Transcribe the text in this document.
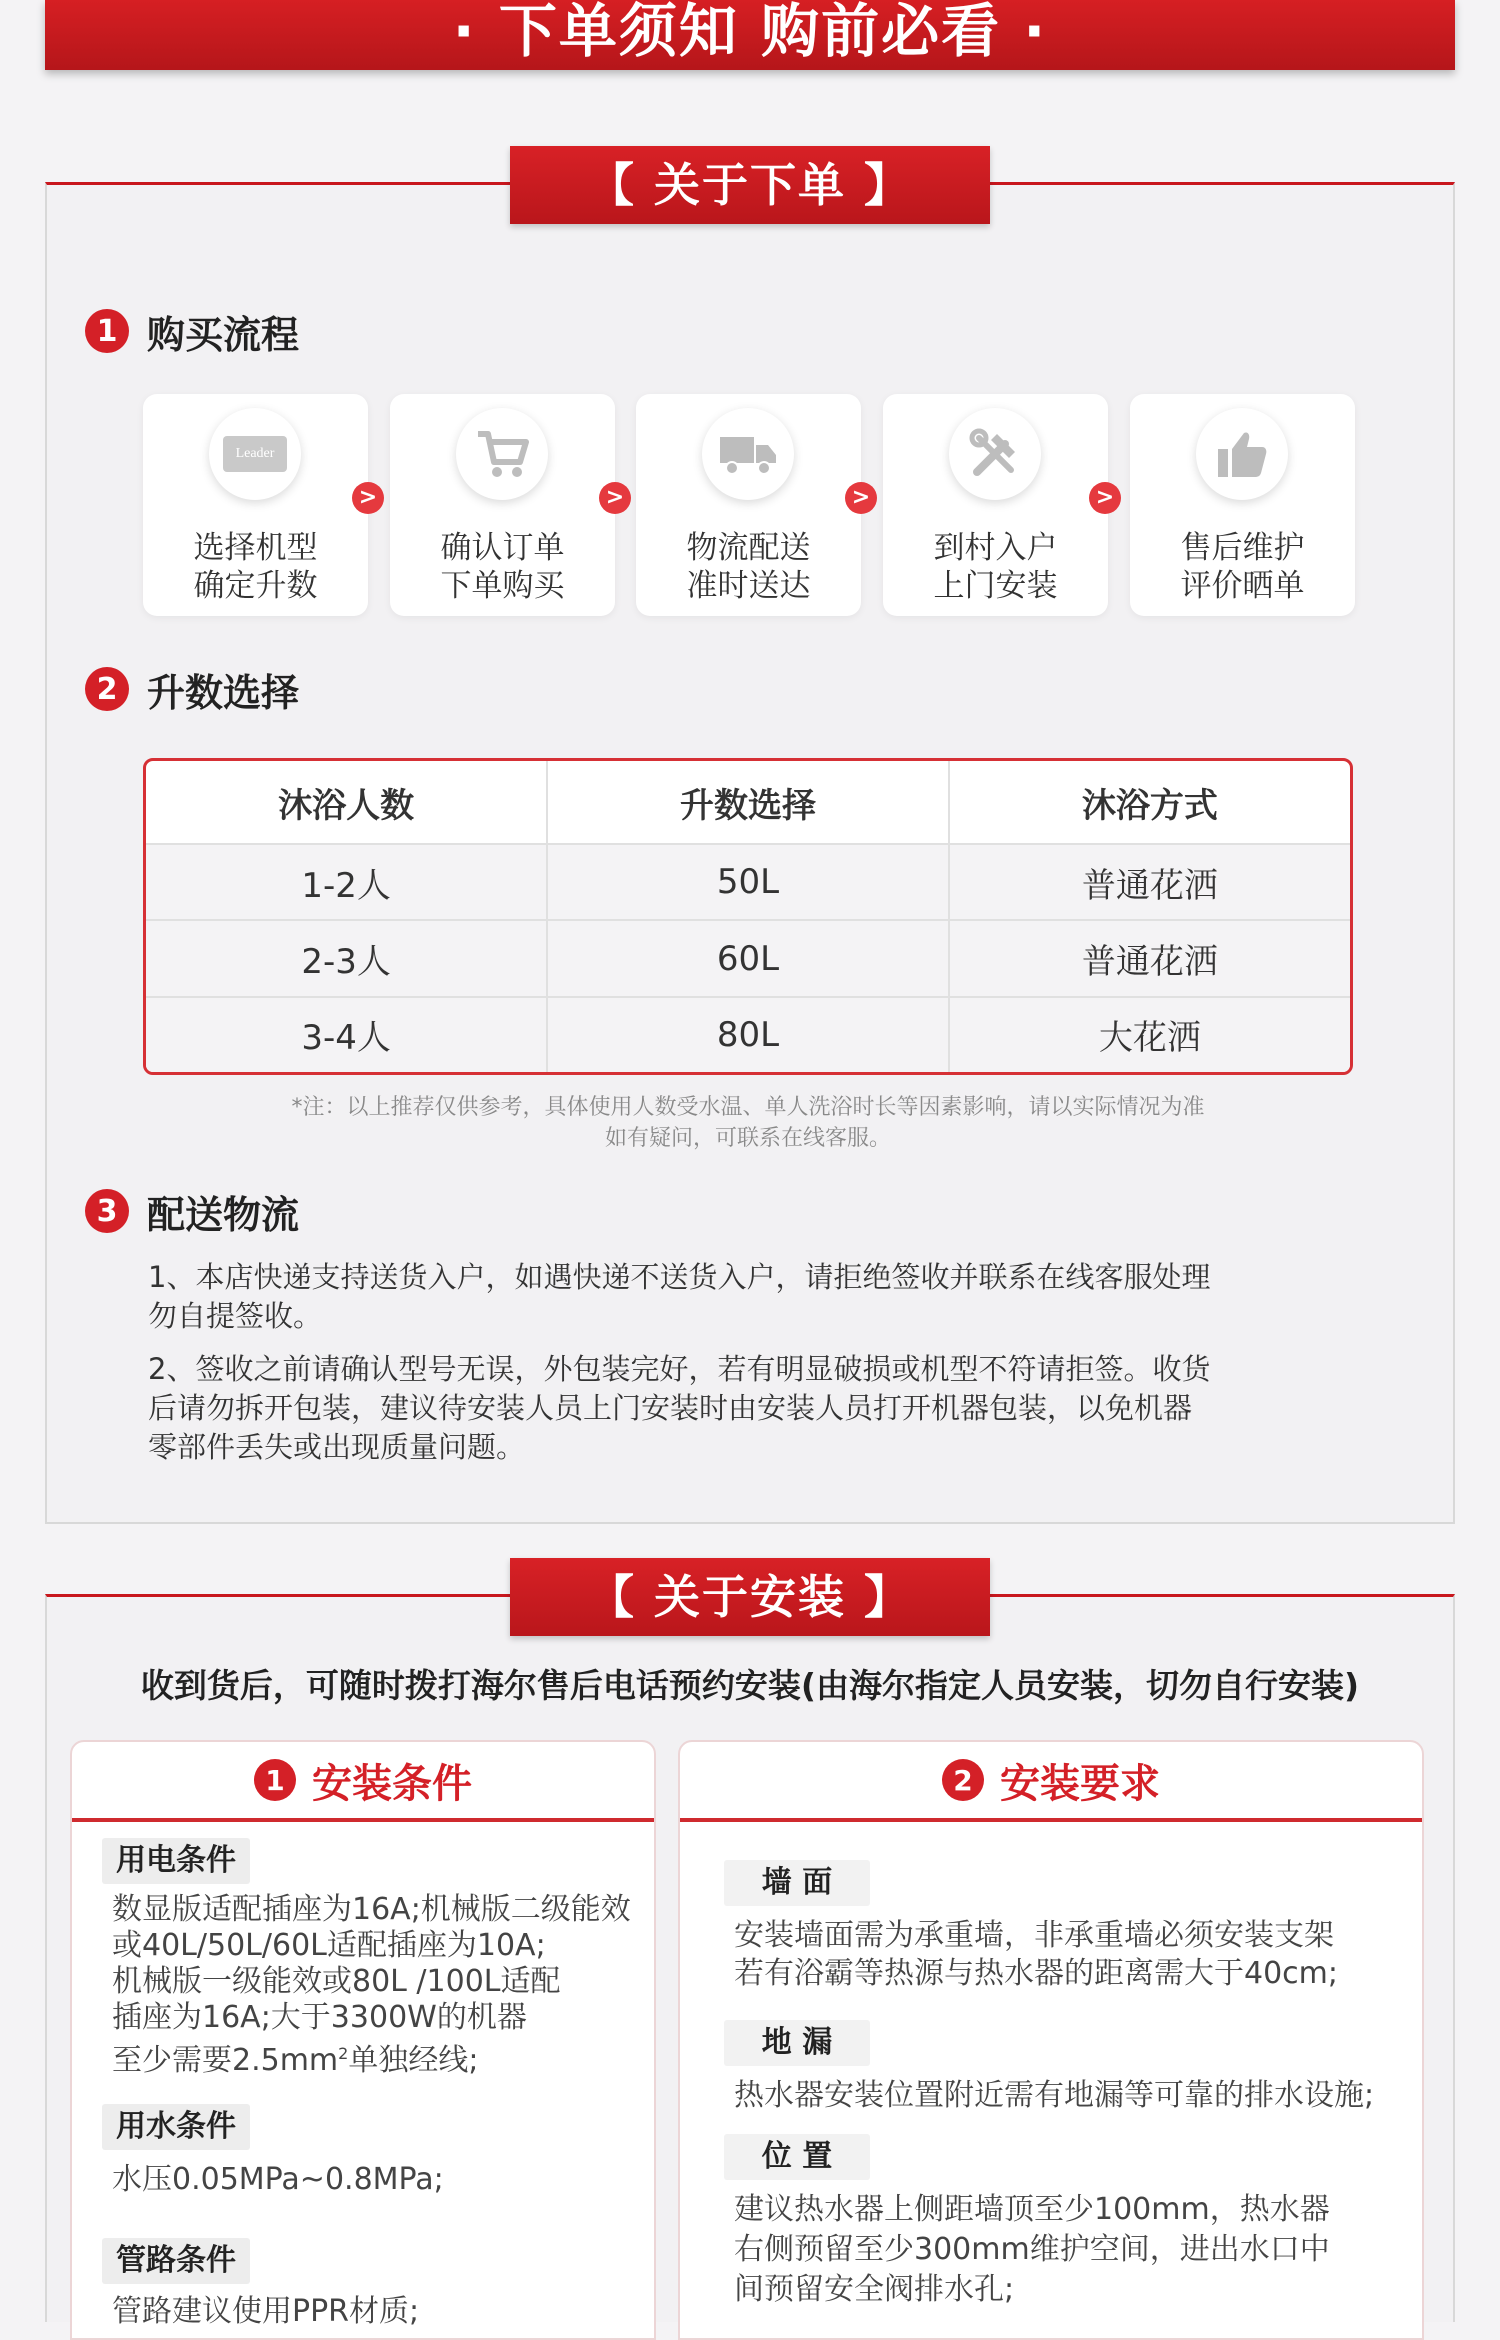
· 下单须知 购前必看 ·
【 关于下单 】
1 购买流程
Leader
选择机型
确定升数
确认订单
下单购买
物流配送
准时送达
到村入户
上门安装
售后维护
评价晒单
>	>	>	>
2 升数选择
沐浴人数	升数选择	沐浴方式
1-2人	50L	普通花洒
2-3人	60L	普通花洒
3-4人	80L	大花洒
*注：以上推荐仅供参考，具体使用人数受水温、单人洗浴时长等因素影响，请以实际情况为准
如有疑问，可联系在线客服。
3 配送物流
1、本店快递支持送货入户，如遇快递不送货入户，请拒绝签收并联系在线客服处理
勿自提签收。
2、签收之前请确认型号无误，外包装完好，若有明显破损或机型不符请拒签。收货
后请勿拆开包装，建议待安装人员上门安装时由安装人员打开机器包装，以免机器
零部件丢失或出现质量问题。
【 关于安装 】
收到货后，可随时拨打海尔售后电话预约安装(由海尔指定人员安装，切勿自行安装)
1 安装条件
用电条件
数显版适配插座为16A;机械版二级能效
或40L/50L/60L适配插座为10A;
机械版一级能效或80L /100L适配
插座为16A;大于3300W的机器
至少需要$2.5mm^2$单独经线;
用水条件
水压0.05MPa~0.8MPa;
管路条件
管路建议使用PPR材质;
2 安装要求
墙 面
安装墙面需为承重墙，非承重墙必须安装支架
若有浴霸等热源与热水器的距离需大于40cm;
地 漏
热水器安装位置附近需有地漏等可靠的排水设施;
位 置
建议热水器上侧距墙顶至少100mm，热水器
右侧预留至少300mm维护空间，进出水口中
间预留安全阀排水孔;
